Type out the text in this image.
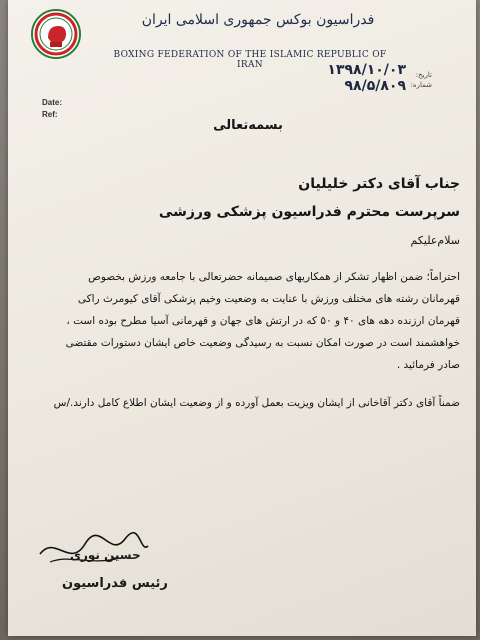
فدراسیون بوکس جمهوری اسلامی ایران
BOXING FEDERATION OF THE ISLAMIC REPUBLIC OF IRAN
تاریخ:
شماره:
۱۳۹۸/۱۰/۰۳
۹۸/۵/۸۰۹
Date:
Ref:
بسمه‌تعالی
جناب آقای دکتر خلیلیان
سرپرست محترم فدراسیون پزشکی ورزشی
سلام‌علیکم
احتراماً؛ ضمن اظهار تشکر از همکاریهای صمیمانه حضرتعالی با جامعه ورزش بخصوص قهرمانان رشته های مختلف ورزش با عنایت به وضعیت وخیم پزشکی آقای کیومرث راکی قهرمان ارزنده دهه های ۴۰ و ۵۰ که در ارتش های جهان و قهرمانی آسیا مطرح بوده است ، خواهشمند است در صورت امکان نسبت به رسیدگی وضعیت خاص ایشان دستورات مقتضی صادر فرمائید .
ضمناً آقای دکتر آقاخانی از ایشان ویزیت بعمل آورده و از وضعیت ایشان اطلاع کامل دارند./س
حسین نوری
رئیس فدراسیون
